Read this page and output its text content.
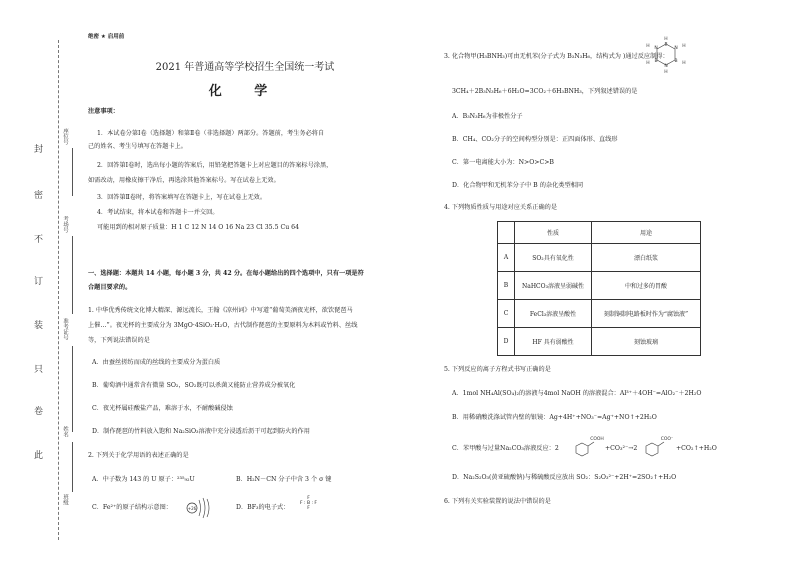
绝密 ★ 启用前
封
密
不
订
装
只
卷
此
座位号
考场号
准考证号
姓名
班级
2021 年普通高等学校招生全国统一考试
化 学
注意事项：
1．本试卷分第Ⅰ卷（选择题）和第Ⅱ卷（非选择题）两部分。答题前，考生务必将自
己的姓名、考生号填写在答题卡上。
2．回答第Ⅰ卷时，选出每小题的答案后，用铅笔把答题卡上对应题目的答案标号涂黑，
如需改动，用橡皮擦干净后，再选涂其他答案标号。写在试卷上无效。
3．回答第Ⅱ卷时，将答案填写在答题卡上，写在试卷上无效。
4．考试结束，将本试卷和答题卡一并交回。
可能用到的相对原子质量：H 1 C 12 N 14 O 16 Na 23 Cl 35.5 Cu 64
一、选择题：本题共 14 小题，每小题 3 分，共 42 分。在每小题给出的四个选项中，只有一项是符
合题目要求的。
1. 中华优秀传统文化博大精深、源远流长，王翰《凉州词》中写道“葡萄美酒夜光杯，欲饮琵琶马
上催…”。夜光杯的主要成分为 3MgO·4SiO₂·H₂O，古代制作琵琶的主要原料为木料或竹料、丝线
等，下列说法错误的是
A．由蚕丝搓纺而成的丝线的主要成分为蛋白质
B．葡萄酒中通常含有微量 SO₂，SO₂既可以杀菌又能防止营养成分被氧化
C．夜光杯属硅酸盐产品，难溶于水，不耐酸碱侵蚀
D．制作琵琶的竹料放入饱和 Na₂SiO₃溶液中充分浸透后沥干可起到防火的作用
2. 下列关于化学用语的表述正确的是
A．中子数为 143 的 U 原子：²³⁵₉₂U	B．H₂N－CN 分子中含 3 个 σ 键
C．Fe²⁺的原子结构示意图：	+26	D．BF₃的电子式：
F
F : B : F
F
3. 化合物甲(H₃BNH₃)可由无机苯(分子式为 B₃N₃H₆，结构式为 )通过反应制得：
H
B
N H
B H
N
H
B
H
N
H
3CH₄＋2B₃N₃H₆＋6H₂O=3CO₂＋6H₃BNH₃，下列叙述错误的是
A．B₃N₃H₆为非极性分子
B．CH₄、CO₂分子的空间构型分别是：正四面体形、直线形
C．第一电离能大小为：N>O>C>B
D．化合物甲和无机苯分子中 B 的杂化类型相同
4. 下列物质性质与用途对应关系正确的是
	性质	用途
A	SO₂具有氧化性	漂白纸浆
B	NaHCO₃溶液呈弱碱性	中和过多的胃酸
C	FeCl₃溶液呈酸性	刻制铜制电路板时作为“腐蚀液”
D	HF 具有弱酸性	刻蚀玻璃
5. 下列反应的离子方程式书写正确的是
A．1mol NH₄Al(SO₄)₂的溶液与4mol NaOH 的溶液混合：Al³⁺＋4OH⁻=AlO₂⁻＋2H₂O
B．用稀硝酸洗涤试管内壁的银镜：Ag+4H⁺+NO₃⁻=Ag⁺+NO↑+2H₂O
C．苯甲酸与过量Na₂CO₃溶液反应：2
COOH
+CO₃²⁻→2
COO⁻
+CO₂↑+H₂O
D．Na₂S₂O₃(黄亚硫酸钠)与稀硫酸反应放出 SO₂：S₂O₃²⁻+2H⁺=2SO₂↑+H₂O
6. 下列有关实验装置的说法中错误的是
